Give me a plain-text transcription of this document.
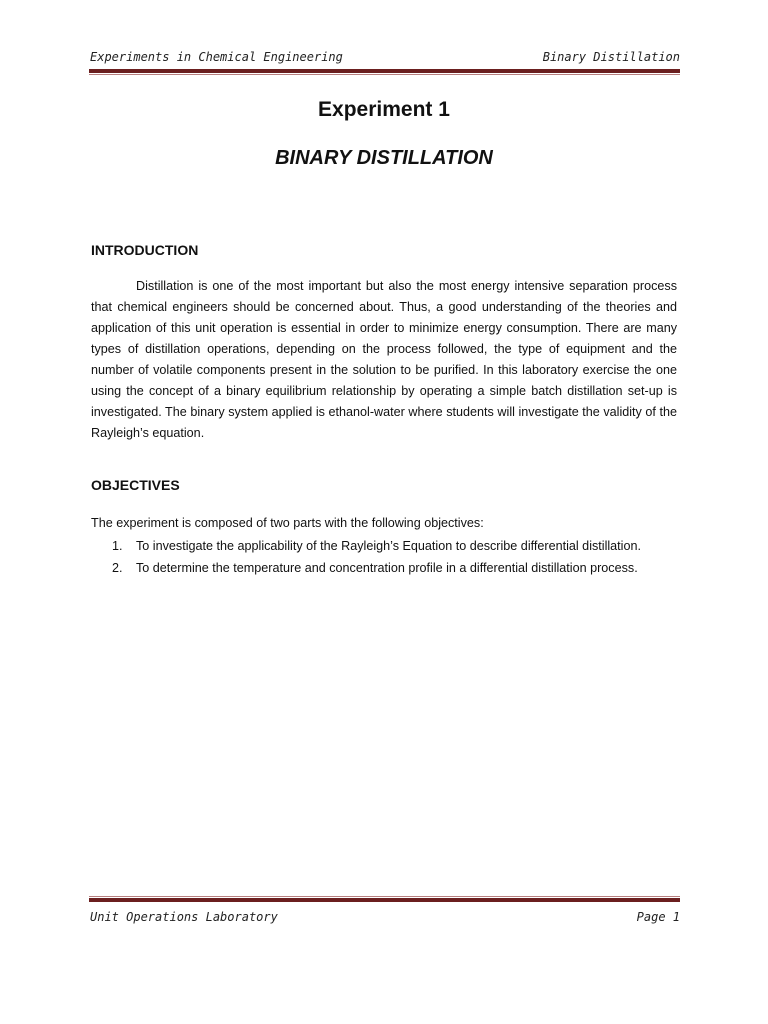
Experiments in Chemical Engineering	Binary Distillation
Experiment 1
BINARY DISTILLATION
INTRODUCTION

Distillation is one of the most important but also the most energy intensive separation process that chemical engineers should be concerned about. Thus, a good understanding of the theories and application of this unit operation is essential in order to minimize energy consumption. There are many types of distillation operations, depending on the process followed, the type of equipment and the number of volatile components present in the solution to be purified. In this laboratory exercise the one using the concept of a binary equilibrium relationship by operating a simple batch distillation set-up is investigated. The binary system applied is ethanol-water where students will investigate the validity of the Rayleigh’s equation.

OBJECTIVES
The experiment is composed of two parts with the following objectives:
1. To investigate the applicability of the Rayleigh’s Equation to describe differential distillation.
2. To determine the temperature and concentration profile in a differential distillation process.
Unit Operations Laboratory	Page 1
